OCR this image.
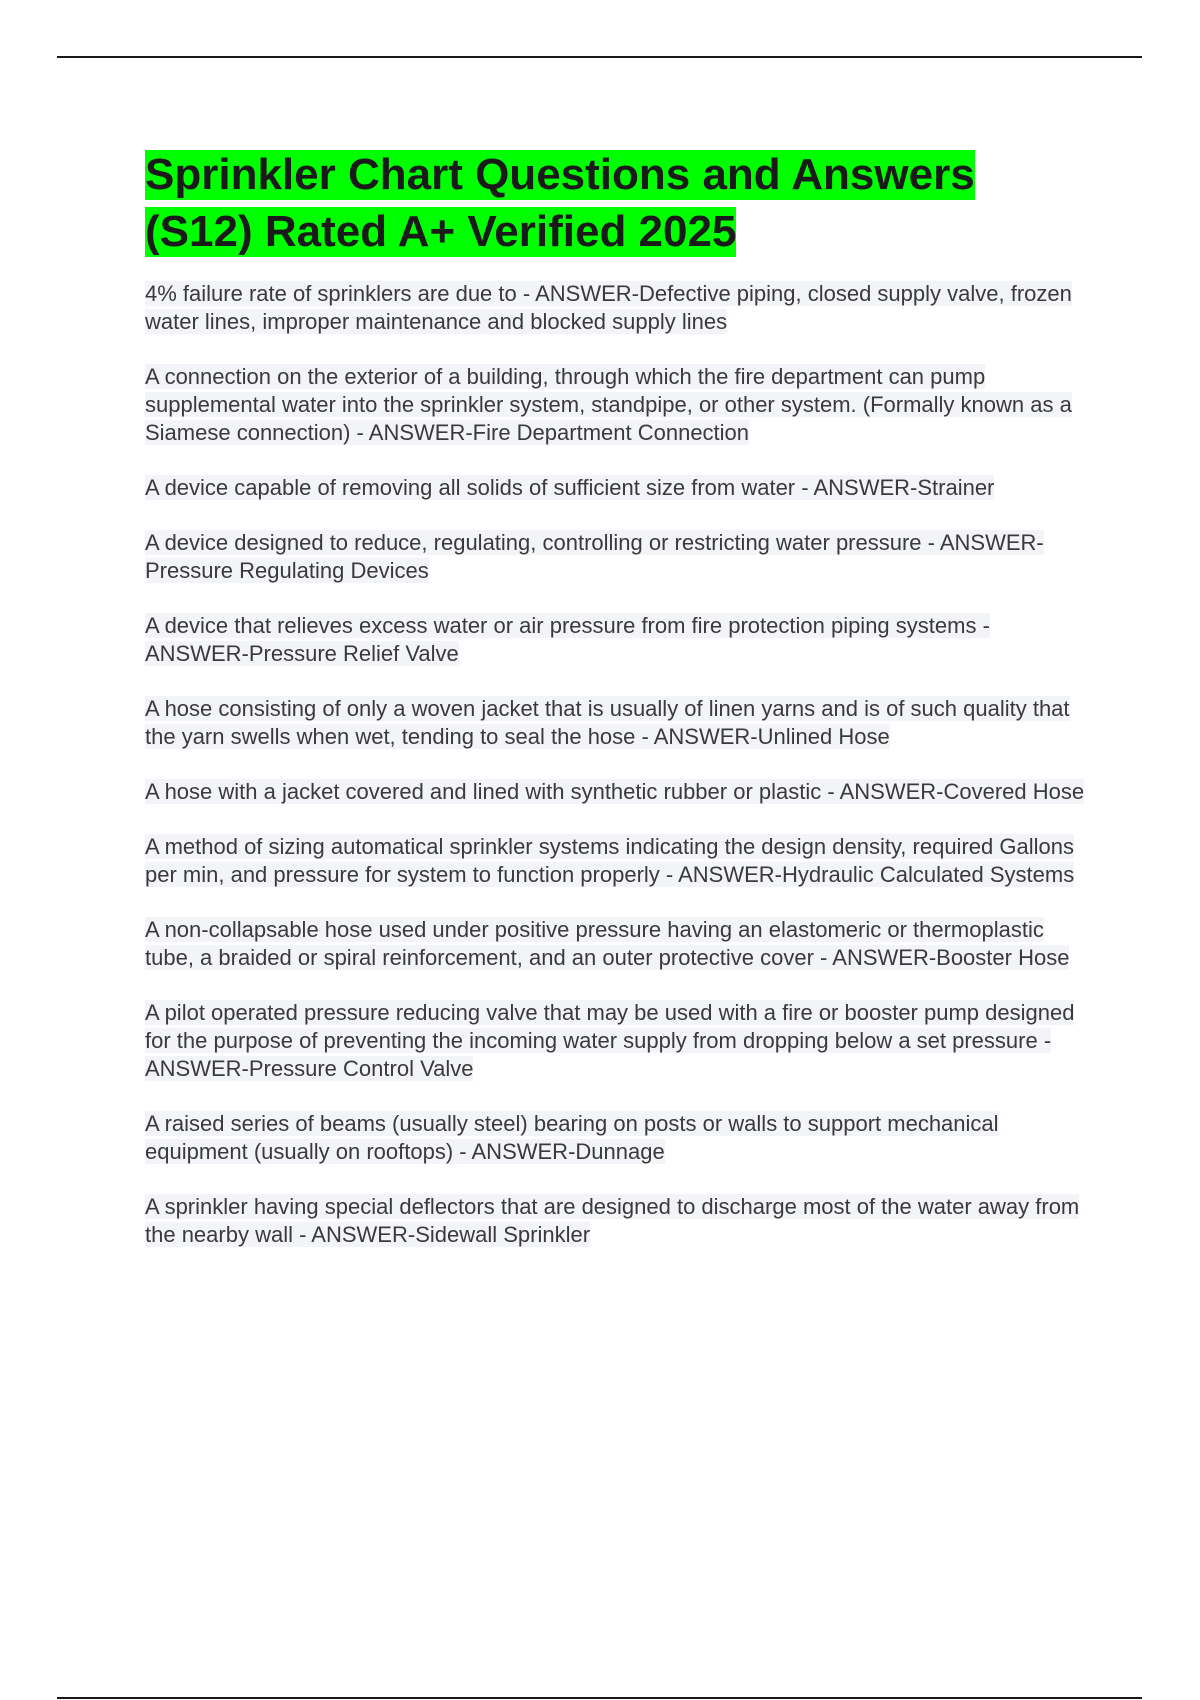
Sprinkler Chart Questions and Answers (S12) Rated A+ Verified 2025

4% failure rate of sprinklers are due to - ANSWER-Defective piping, closed supply valve, frozen water lines, improper maintenance and blocked supply lines

A connection on the exterior of a building, through which the fire department can pump supplemental water into the sprinkler system, standpipe, or other system. (Formally known as a Siamese connection) - ANSWER-Fire Department Connection

A device capable of removing all solids of sufficient size from water - ANSWER-Strainer

A device designed to reduce, regulating, controlling or restricting water pressure - ANSWER-Pressure Regulating Devices

A device that relieves excess water or air pressure from fire protection piping systems - ANSWER-Pressure Relief Valve

A hose consisting of only a woven jacket that is usually of linen yarns and is of such quality that the yarn swells when wet, tending to seal the hose - ANSWER-Unlined Hose

A hose with a jacket covered and lined with synthetic rubber or plastic - ANSWER-Covered Hose

A method of sizing automatical sprinkler systems indicating the design density, required Gallons per min, and pressure for system to function properly - ANSWER-Hydraulic Calculated Systems

A non-collapsable hose used under positive pressure having an elastomeric or thermoplastic tube, a braided or spiral reinforcement, and an outer protective cover - ANSWER-Booster Hose

A pilot operated pressure reducing valve that may be used with a fire or booster pump designed for the purpose of preventing the incoming water supply from dropping below a set pressure - ANSWER-Pressure Control Valve

A raised series of beams (usually steel) bearing on posts or walls to support mechanical equipment (usually on rooftops) - ANSWER-Dunnage

A sprinkler having special deflectors that are designed to discharge most of the water away from the nearby wall - ANSWER-Sidewall Sprinkler
